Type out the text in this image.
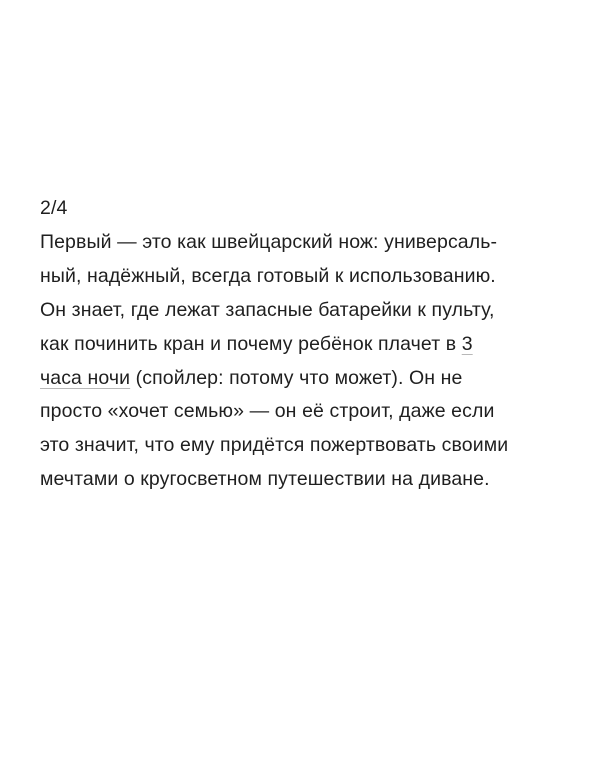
2/4
Первый — это как швейцарский нож: универсаль-
ный, надёжный, всегда готовый к использованию.
Он знает, где лежат запасные батарейки к пульту,
как починить кран и почему ребёнок плачет в 3
часа ночи (спойлер: потому что может). Он не
просто «хочет семью» — он её строит, даже если
это значит, что ему придётся пожертвовать своими
мечтами о кругосветном путешествии на диване.
